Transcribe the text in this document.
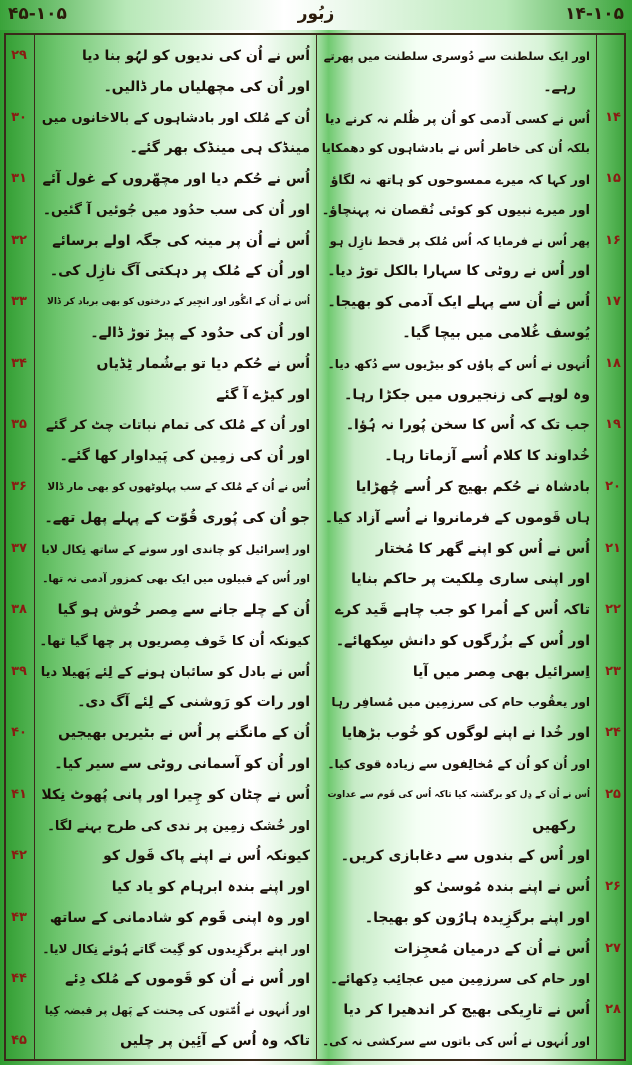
۴۵-۱۰۵	زبُور	۱۴-۱۰۵
اور ایک سلطنت سے دُوسری سلطنت میں پھرتے
رہے۔
اُس نے کسی آدمی کو اُن پر ظُلم نہ کرنے دیا
بلکہ اُن کی خاطر اُس نے بادشاہوں کو دھمکایا
اور کہا کہ میرے ممسوحوں کو ہاتھ نہ لگاؤ
اور میرے نبیوں کو کوئی نُقصان نہ پہنچاؤ۔
پھر اُس نے فرمایا کہ اُس مُلک پر قحط نازِل ہو
اور اُس نے روٹی کا سہارا بالکل توڑ دیا۔
اُس نے اُن سے پہلے ایک آدمی کو بھیجا۔
یُوسف غُلامی میں بیچا گیا۔
اُنہوں نے اُس کے پاؤں کو بیڑیوں سے دُکھ دیا۔
وہ لوہے کی زنجیروں میں جکڑا رہا۔
جب تک کہ اُس کا سخن پُورا نہ ہُؤا۔
خُداوند کا کلام اُسے آزماتا رہا۔
بادشاہ نے حُکم بھیج کر اُسے چُھڑایا
ہاں قَوموں کے فرمانروا نے اُسے آزاد کیا۔
اُس نے اُس کو اپنے گھر کا مُختار
اور اپنی ساری مِلکیت پر حاکم بنایا
تاکہ اُس کے اُمرا کو جب چاہے قَید کرے
اور اُس کے بزُرگوں کو دانش سِکھائے۔
اِسرائیل بھی مِصر میں آیا
اور یعقُوب حام کی سرزمِین میں مُسافِر رہا
اور خُدا نے اپنے لوگوں کو خُوب بڑھایا
اور اُن کو اُن کے مُخالِفوں سے زیادہ قوی کیا۔
اُس نے اُن کے دِل کو برگشتہ کیا تاکہ اُس کی قَوم سے عداوت
رکھیں
اور اُس کے بندوں سے دغابازی کریں۔
اُس نے اپنے بندہ مُوسیٰ کو
اور اپنے برگزِیدہ ہارُون کو بھیجا۔
اُس نے اُن کے درمیان مُعجِزات
اور حام کی سرزمِین میں عجائِب دِکھائے۔
اُس نے تارِیکی بھیج کر اندھیرا کر دیا
اور اُنہوں نے اُس کی باتوں سے سرکشی نہ کی۔
اُس نے اُن کی ندیوں کو لہُو بنا دیا
اور اُن کی مچھلیاں مار ڈالیں۔
اُن کے مُلک اور بادشاہوں کے بالاخانوں میں
مینڈک ہی مینڈک بھر گئے۔
اُس نے حُکم دیا اور مچھّروں کے غول آئے
اور اُن کی سب حدُود میں جُوئیں آ گئیں۔
اُس نے اُن پر مینہ کی جگہ اولے برسائے
اور اُن کے مُلک پر دہکتی آگ نازِل کی۔
اُس نے اُن کے انگُور اور انجِیر کے درختوں کو بھی برباد کر ڈالا
اور اُن کی حدُود کے پیڑ توڑ ڈالے۔
اُس نے حُکم دیا تو بےشُمار ٹِڈیاں
اور کیڑے آ گئے
اور اُن کے مُلک کی تمام نباتات چٹ کر گئے
اور اُن کی زمِین کی پَیداوار کھا گئے۔
اُس نے اُن کے مُلک کے سب پہلوٹھوں کو بھی مار ڈالا
جو اُن کی پُوری قُوّت کے پہلے پھل تھے۔
اور اِسرائیل کو چاندی اور سونے کے ساتھ نِکال لایا
اور اُس کے قبیلوں میں ایک بھی کمزور آدمی نہ تھا۔
اُن کے چلے جانے سے مِصر خُوش ہو گیا
کیونکہ اُن کا خَوف مِصریوں پر چھا گیا تھا۔
اُس نے بادل کو سائبان ہونے کے لِئے پَھیلا دیا
اور رات کو رَوشنی کے لِئے آگ دی۔
اُن کے مانگنے پر اُس نے بٹیریں بھیجیں
اور اُن کو آسمانی روٹی سے سیر کیا۔
اُس نے چٹان کو چِیرا اور پانی پُھوٹ نِکلا
اور خُشک زمِین پر ندی کی طرح بہنے لگا۔
کیونکہ اُس نے اپنے پاک قَول کو
اور اپنے بندہ ابرہام کو یاد کیا
اور وہ اپنی قَوم کو شادمانی کے ساتھ
اور اپنے برگزِیدوں کو گِیت گاتے ہُوئے نِکال لایا۔
اور اُس نے اُن کو قَوموں کے مُلک دِئے
اور اُنہوں نے اُمّتوں کی مِحنت کے پَھل پر قبضہ کِیا
تاکہ وہ اُس کے آئِین پر چلیں
۱۴
۱۵
۱۶
۱۷
۱۸
۱۹
۲۰
۲۱
۲۲
۲۳
۲۴
۲۵
۲۶
۲۷
۲۸
۲۹
۳۰
۳۱
۳۲
۳۳
۳۴
۳۵
۳۶
۳۷
۳۸
۳۹
۴۰
۴۱
۴۲
۴۳
۴۴
۴۵
